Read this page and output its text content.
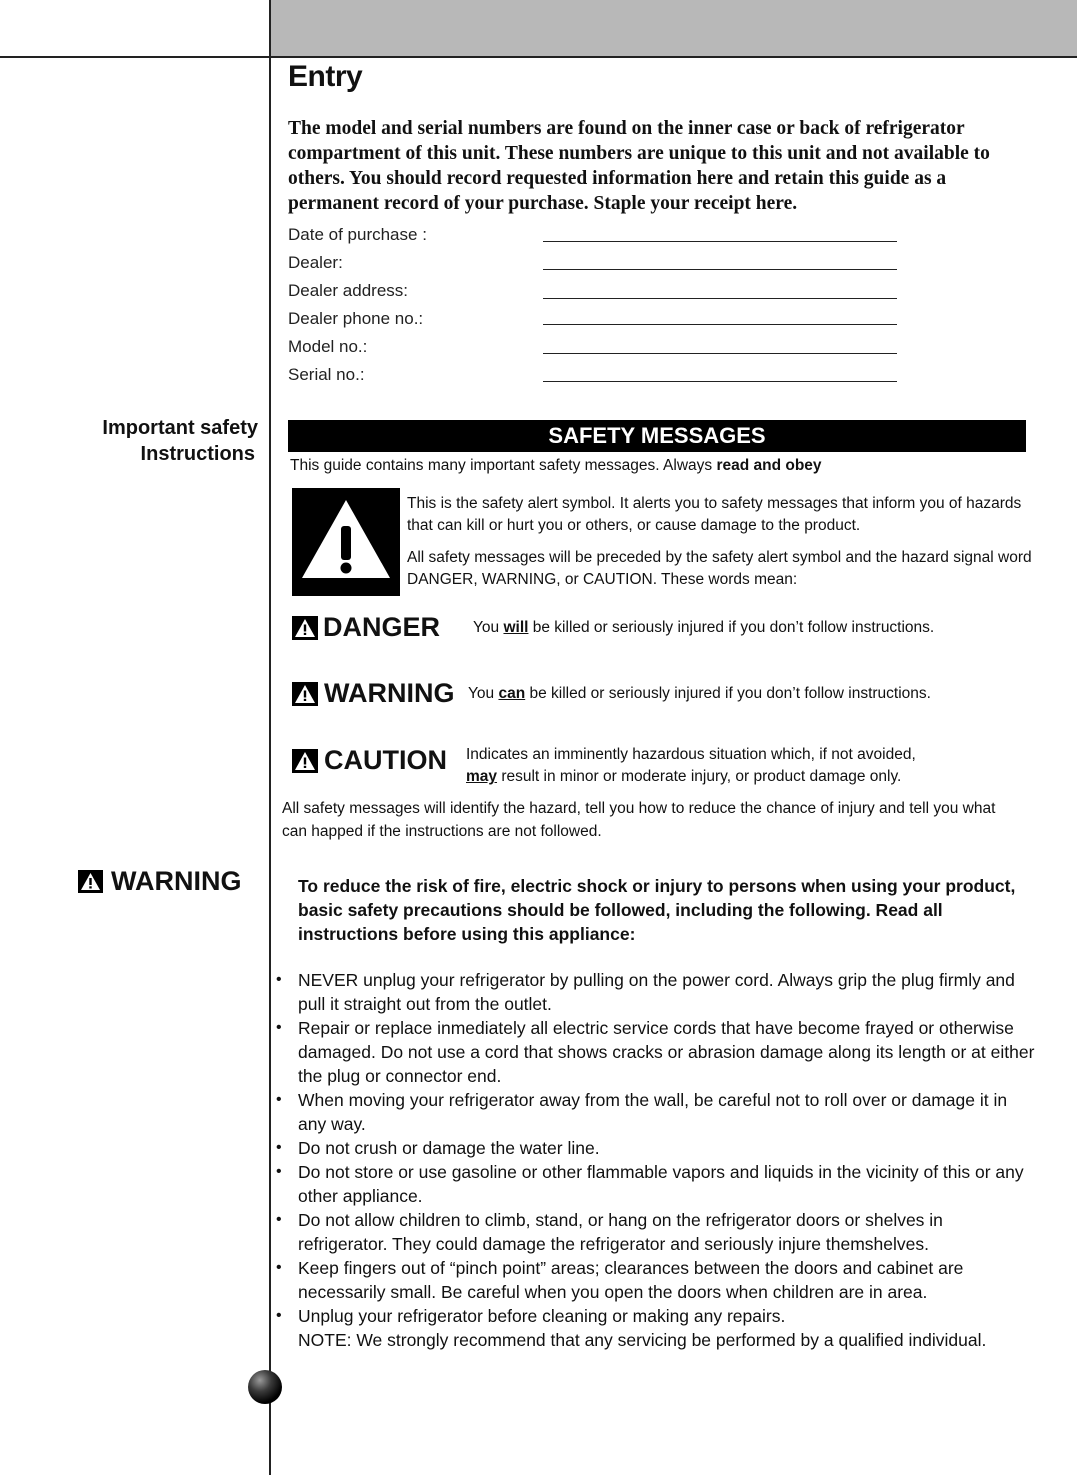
Entry
The model and serial numbers are found on the inner case or back of refrigerator compartment of this unit. These numbers are unique to this unit and not available to others. You should record requested information here and retain this guide as a permanent record of your purchase. Staple your receipt here.
Date of purchase :
Dealer:
Dealer address:
Dealer phone no.:
Model no.:
Serial no.:
Important safety
Instructions
WARNING
SAFETY MESSAGES
This guide contains many important safety messages. Always read and obey
This is the safety alert symbol. It alerts you to safety messages that inform you of hazards that can kill or hurt you or others, or cause damage to the product.
All safety messages will be preceded by the safety alert symbol and the hazard signal word DANGER, WARNING, or CAUTION. These words mean:
DANGER	You will be killed or seriously injured if you don’t follow instructions.
WARNING You can be killed or seriously injured if you don’t follow instructions.
CAUTION	Indicates an imminently hazardous situation which, if not avoided,
may result in minor or moderate injury, or product damage only.
All safety messages will identify the hazard, tell you how to reduce the chance of injury and tell you what can happed if the instructions are not followed.
To reduce the risk of fire, electric shock or injury to persons when using your product, basic safety precautions should be followed, including the following. Read all instructions before using this appliance:
• NEVER unplug your refrigerator by pulling on the power cord. Always grip the plug firmly and pull it straight out from the outlet.
• Repair or replace inmediately all electric service cords that have become frayed or otherwise damaged. Do not use a cord that shows cracks or abrasion damage along its length or at either the plug or connector end.
• When moving your refrigerator away from the wall, be careful not to roll over or damage it in any way.
• Do not crush or damage the water line.
• Do not store or use gasoline or other flammable vapors and liquids in the vicinity of this or any other appliance.
• Do not allow children to climb, stand, or hang on the refrigerator doors or shelves in refrigerator. They could damage the refrigerator and seriously injure themshelves.
• Keep fingers out of “pinch point” areas; clearances between the doors and cabinet are necessarily small. Be careful when you open the doors when children are in area.
• Unplug your refrigerator before cleaning or making any repairs.
NOTE: We strongly recommend that any servicing be performed by a qualified individual.
